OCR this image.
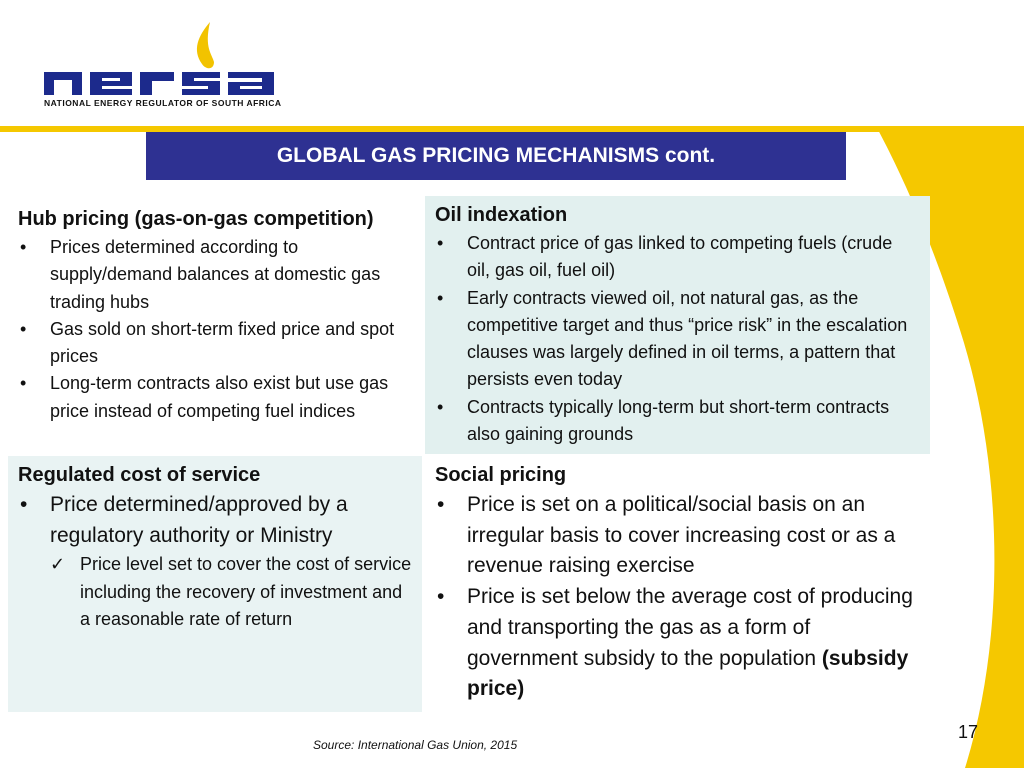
NATIONAL ENERGY REGULATOR OF SOUTH AFRICA
GLOBAL GAS PRICING MECHANISMS cont.
Hub pricing (gas-on-gas competition)
• Prices determined according to supply/demand balances at domestic gas trading hubs
• Gas sold on short-term fixed price and spot prices
• Long-term contracts also exist but use gas price instead of competing fuel indices
Oil indexation
• Contract price of gas linked to competing fuels (crude oil, gas oil, fuel oil)
• Early contracts viewed oil, not natural gas, as the competitive target and thus “price risk” in the escalation clauses was largely defined in oil terms, a pattern that persists even today
• Contracts typically long-term but short-term contracts also gaining grounds
Regulated cost of service
• Price determined/approved by a regulatory authority or Ministry
✓ Price level set to cover the cost of service including the recovery of investment and a reasonable rate of return
Social pricing
• Price is set on a political/social basis on an irregular basis to cover increasing cost or as a revenue raising exercise
• Price is set below the average cost of producing and transporting the gas as a form of government subsidy to the population (subsidy price)
Source: International Gas Union, 2015
17
